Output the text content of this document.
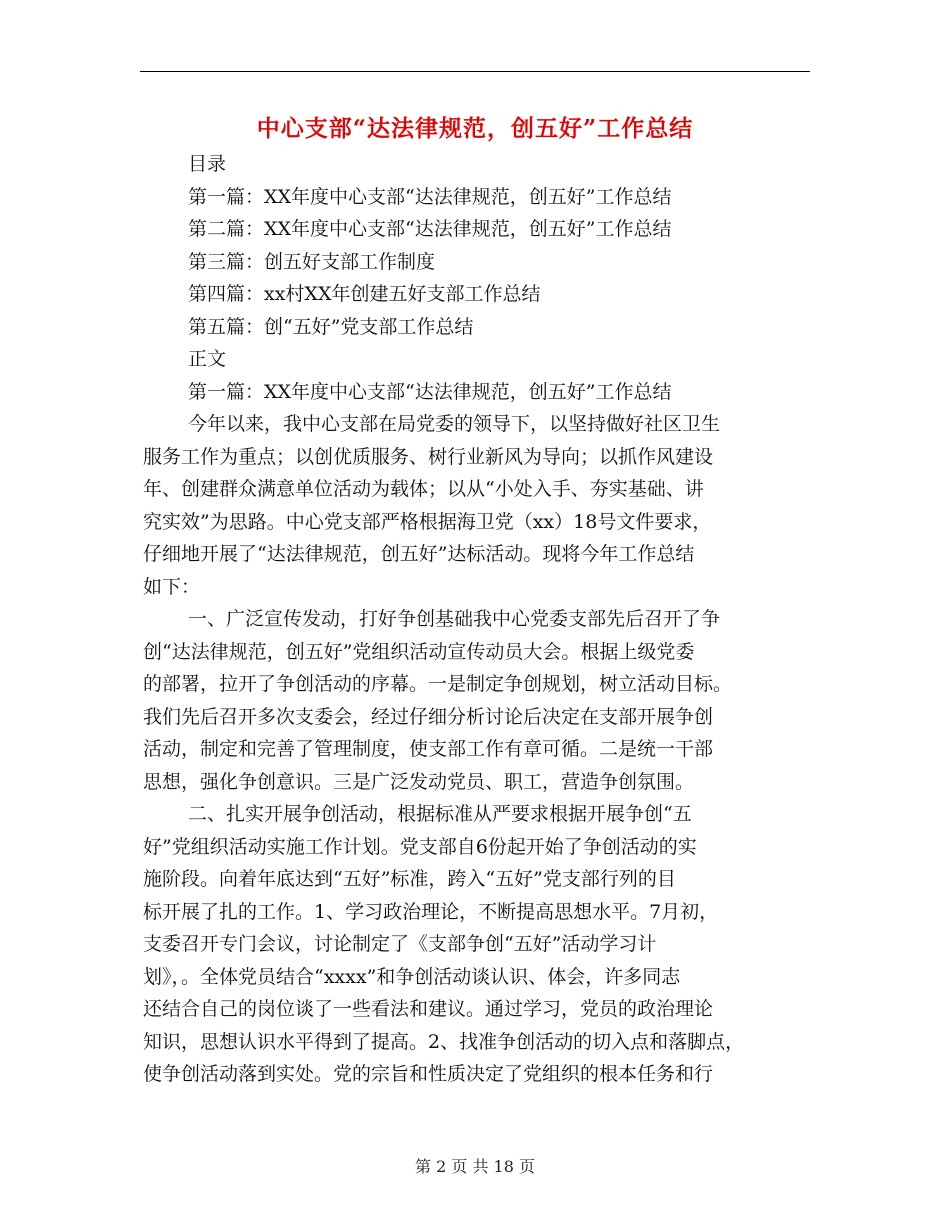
中心支部“达法律规范，创五好”工作总结
目录
第一篇：XX年度中心支部“达法律规范，创五好”工作总结
第二篇：XX年度中心支部“达法律规范，创五好”工作总结
第三篇：创五好支部工作制度
第四篇：xx村XX年创建五好支部工作总结
第五篇：创“五好”党支部工作总结
正文
第一篇：XX年度中心支部“达法律规范，创五好”工作总结
今年以来，我中心支部在局党委的领导下，以坚持做好社区卫生
服务工作为重点；以创优质服务、树行业新风为导向；以抓作风建设
年、创建群众满意单位活动为载体；以从“小处入手、夯实基础、讲
究实效”为思路。中心党支部严格根据海卫党（xx）18号文件要求，
仔细地开展了“达法律规范，创五好”达标活动。现将今年工作总结
如下：
一、广泛宣传发动，打好争创基础我中心党委支部先后召开了争
创“达法律规范，创五好”党组织活动宣传动员大会。根据上级党委
的部署，拉开了争创活动的序幕。一是制定争创规划，树立活动目标。
我们先后召开多次支委会，经过仔细分析讨论后决定在支部开展争创
活动，制定和完善了管理制度，使支部工作有章可循。二是统一干部
思想，强化争创意识。三是广泛发动党员、职工，营造争创氛围。
二、扎实开展争创活动，根据标准从严要求根据开展争创“五
好”党组织活动实施工作计划。党支部自6份起开始了争创活动的实
施阶段。向着年底达到“五好”标准，跨入“五好”党支部行列的目
标开展了扎的工作。1、学习政治理论，不断提高思想水平。7月初，
支委召开专门会议，讨论制定了《支部争创“五好”活动学习计
划》，。全体党员结合“xxxx”和争创活动谈认识、体会，许多同志
还结合自己的岗位谈了一些看法和建议。通过学习，党员的政治理论
知识，思想认识水平得到了提高。2、找准争创活动的切入点和落脚点，
使争创活动落到实处。党的宗旨和性质决定了党组织的根本任务和行
第 2 页 共 18 页
